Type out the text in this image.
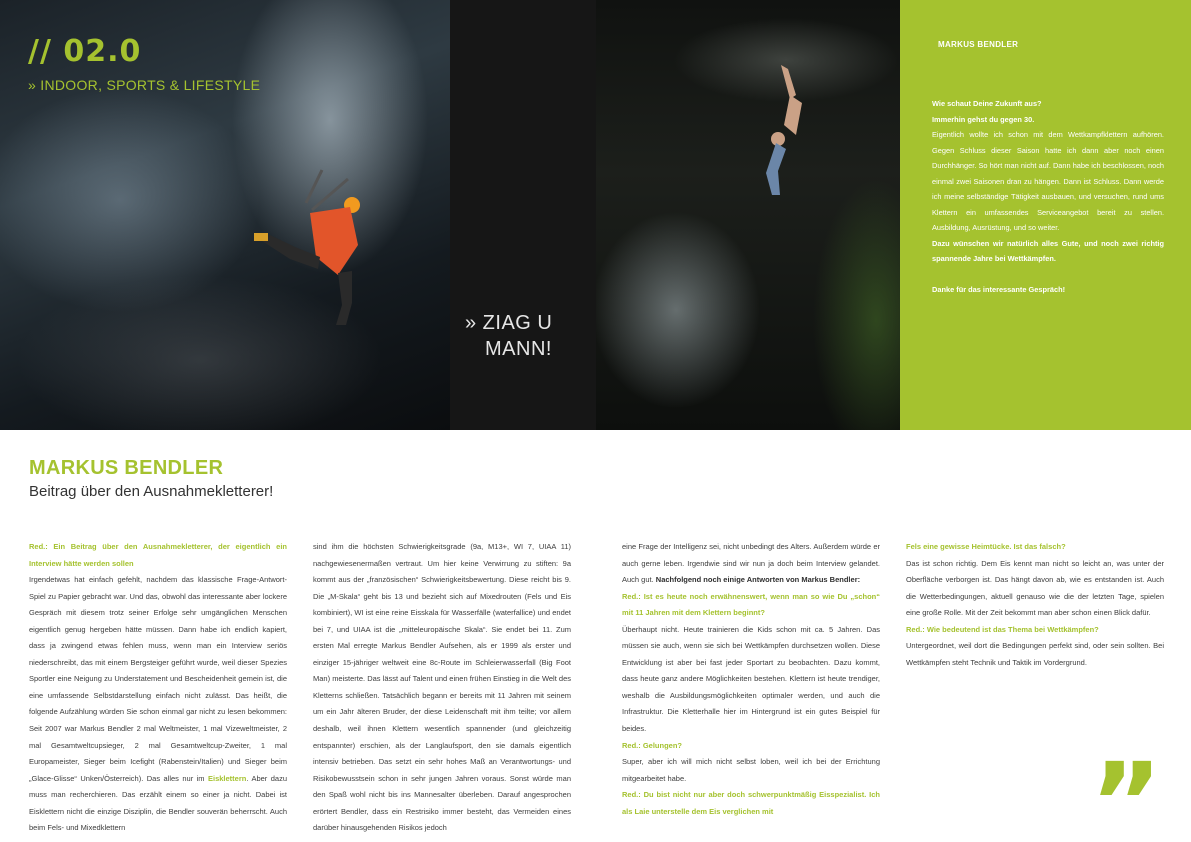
// 02.0
» INDOOR, SPORTS & LIFESTYLE
» ZIAG U
MANN!
MARKUS BENDLER

Wie schaut Deine Zukunft aus?

Immerhin gehst du gegen 30.

Eigentlich wollte ich schon mit dem Wettkampfklettern aufhören. Gegen Schluss dieser Saison hatte ich dann aber noch einen Durchhänger. So hört man nicht auf. Dann habe ich beschlossen, noch einmal zwei Saisonen dran zu hängen. Dann ist Schluss. Dann werde ich meine selbständige Tätigkeit ausbauen, und versuchen, rund ums Klettern ein umfassendes Serviceangebot bereit zu stellen. Ausbildung, Ausrüstung, und so weiter.

Dazu wünschen wir natürlich alles Gute, und noch zwei richtig spannende Jahre bei Wettkämpfen.

Danke für das interessante Gespräch!

MARKUS BENDLER
Beitrag über den Ausnahmekletterer!

Red.: Ein Beitrag über den Ausnahmekletterer, der eigentlich ein Interview hätte werden sollen

Irgendetwas hat einfach gefehlt, nachdem das klassische Frage-Antwort-Spiel zu Papier gebracht war. Und das, obwohl das interessante aber lockere Gespräch mit diesem trotz seiner Erfolge sehr umgänglichen Menschen eigentlich genug hergeben hätte müssen. Dann habe ich endlich kapiert, dass ja zwingend etwas fehlen muss, wenn man ein Interview seriös niederschreibt, das mit einem Bergsteiger geführt wurde, weil dieser Spezies Sportler eine Neigung zu Understatement und Bescheidenheit gemein ist, die eine umfassende Selbstdarstellung einfach nicht zulässt. Das heißt, die folgende Aufzählung würden Sie schon einmal gar nicht zu lesen bekommen: Seit 2007 war Markus Bendler 2 mal Weltmeister, 1 mal Vizeweltmeister, 2 mal Gesamtweltcupsieger, 2 mal Gesamtweltcup-Zweiter, 1 mal Europameister, Sieger beim Icefight (Rabenstein/Italien) und Sieger beim „Glace-Glisse“ Unken/Österreich). Das alles nur im Eisklettern. Aber dazu muss man recherchieren. Das erzählt einem so einer ja nicht. Dabei ist Eisklettern nicht die einzige Disziplin, die Bendler souverän beherrscht. Auch beim Fels- und Mixedklettern

sind ihm die höchsten Schwierigkeitsgrade (9a, M13+, WI 7, UIAA 11) nachgewiesenermaßen vertraut. Um hier keine Verwirrung zu stiften: 9a kommt aus der „französischen“ Schwierigkeitsbewertung. Diese reicht bis 9. Die „M-Skala“ geht bis 13 und bezieht sich auf Mixedrouten (Fels und Eis kombiniert), WI ist eine reine Eisskala für Wasserfälle (waterfallice) und endet bei 7, und UIAA ist die „mitteleuropäische Skala“. Sie endet bei 11. Zum ersten Mal erregte Markus Bendler Aufsehen, als er 1999 als erster und einziger 15-jähriger weltweit eine 8c-Route im Schleierwasserfall (Big Foot Man) meisterte. Das lässt auf Talent und einen frühen Einstieg in die Welt des Kletterns schließen. Tatsächlich begann er bereits mit 11 Jahren mit seinem um ein Jahr älteren Bruder, der diese Leidenschaft mit ihm teilte; vor allem deshalb, weil ihnen Klettern wesentlich spannender (und gleichzeitig entspannter) erschien, als der Langlaufsport, den sie damals eigentlich intensiv betrieben. Das setzt ein sehr hohes Maß an Verantwortungs- und Risikobewusstsein schon in sehr jungen Jahren voraus. Sonst würde man den Spaß wohl nicht bis ins Mannesalter überleben. Darauf angesprochen erörtert Bendler, dass ein Restrisiko immer besteht, das Vermeiden eines darüber hinausgehenden Risikos jedoch

eine Frage der Intelligenz sei, nicht unbedingt des Alters. Außerdem würde er auch gerne leben. Irgendwie sind wir nun ja doch beim Interview gelandet. Auch gut. Nachfolgend noch einige Antworten von Markus Bendler:

Red.: Ist es heute noch erwähnenswert, wenn man so wie Du „schon“ mit 11 Jahren mit dem Klettern beginnt?

Überhaupt nicht. Heute trainieren die Kids schon mit ca. 5 Jahren. Das müssen sie auch, wenn sie sich bei Wettkämpfen durchsetzen wollen. Diese Entwicklung ist aber bei fast jeder Sportart zu beobachten. Dazu kommt, dass heute ganz andere Möglichkeiten bestehen. Klettern ist heute trendiger, weshalb die Ausbildungsmöglichkeiten optimaler werden, und auch die Infrastruktur. Die Kletterhalle hier im Hintergrund ist ein gutes Beispiel für beides.

Red.: Gelungen?

Super, aber ich will mich nicht selbst loben, weil ich bei der Errichtung mitgearbeitet habe.

Red.: Du bist nicht nur aber doch schwerpunktmäßig Eisspezialist. Ich als Laie unterstelle dem Eis verglichen mit

Fels eine gewisse Heimtücke. Ist das falsch?

Das ist schon richtig. Dem Eis kennt man nicht so leicht an, was unter der Oberfläche verborgen ist. Das hängt davon ab, wie es entstanden ist. Auch die Wetterbedingungen, aktuell genauso wie die der letzten Tage, spielen eine große Rolle. Mit der Zeit bekommt man aber schon einen Blick dafür.

Red.: Wie bedeutend ist das Thema bei Wettkämpfen?

Untergeordnet, weil dort die Bedingungen perfekt sind, oder sein sollten. Bei Wettkämpfen steht Technik und Taktik im Vordergrund.

”
